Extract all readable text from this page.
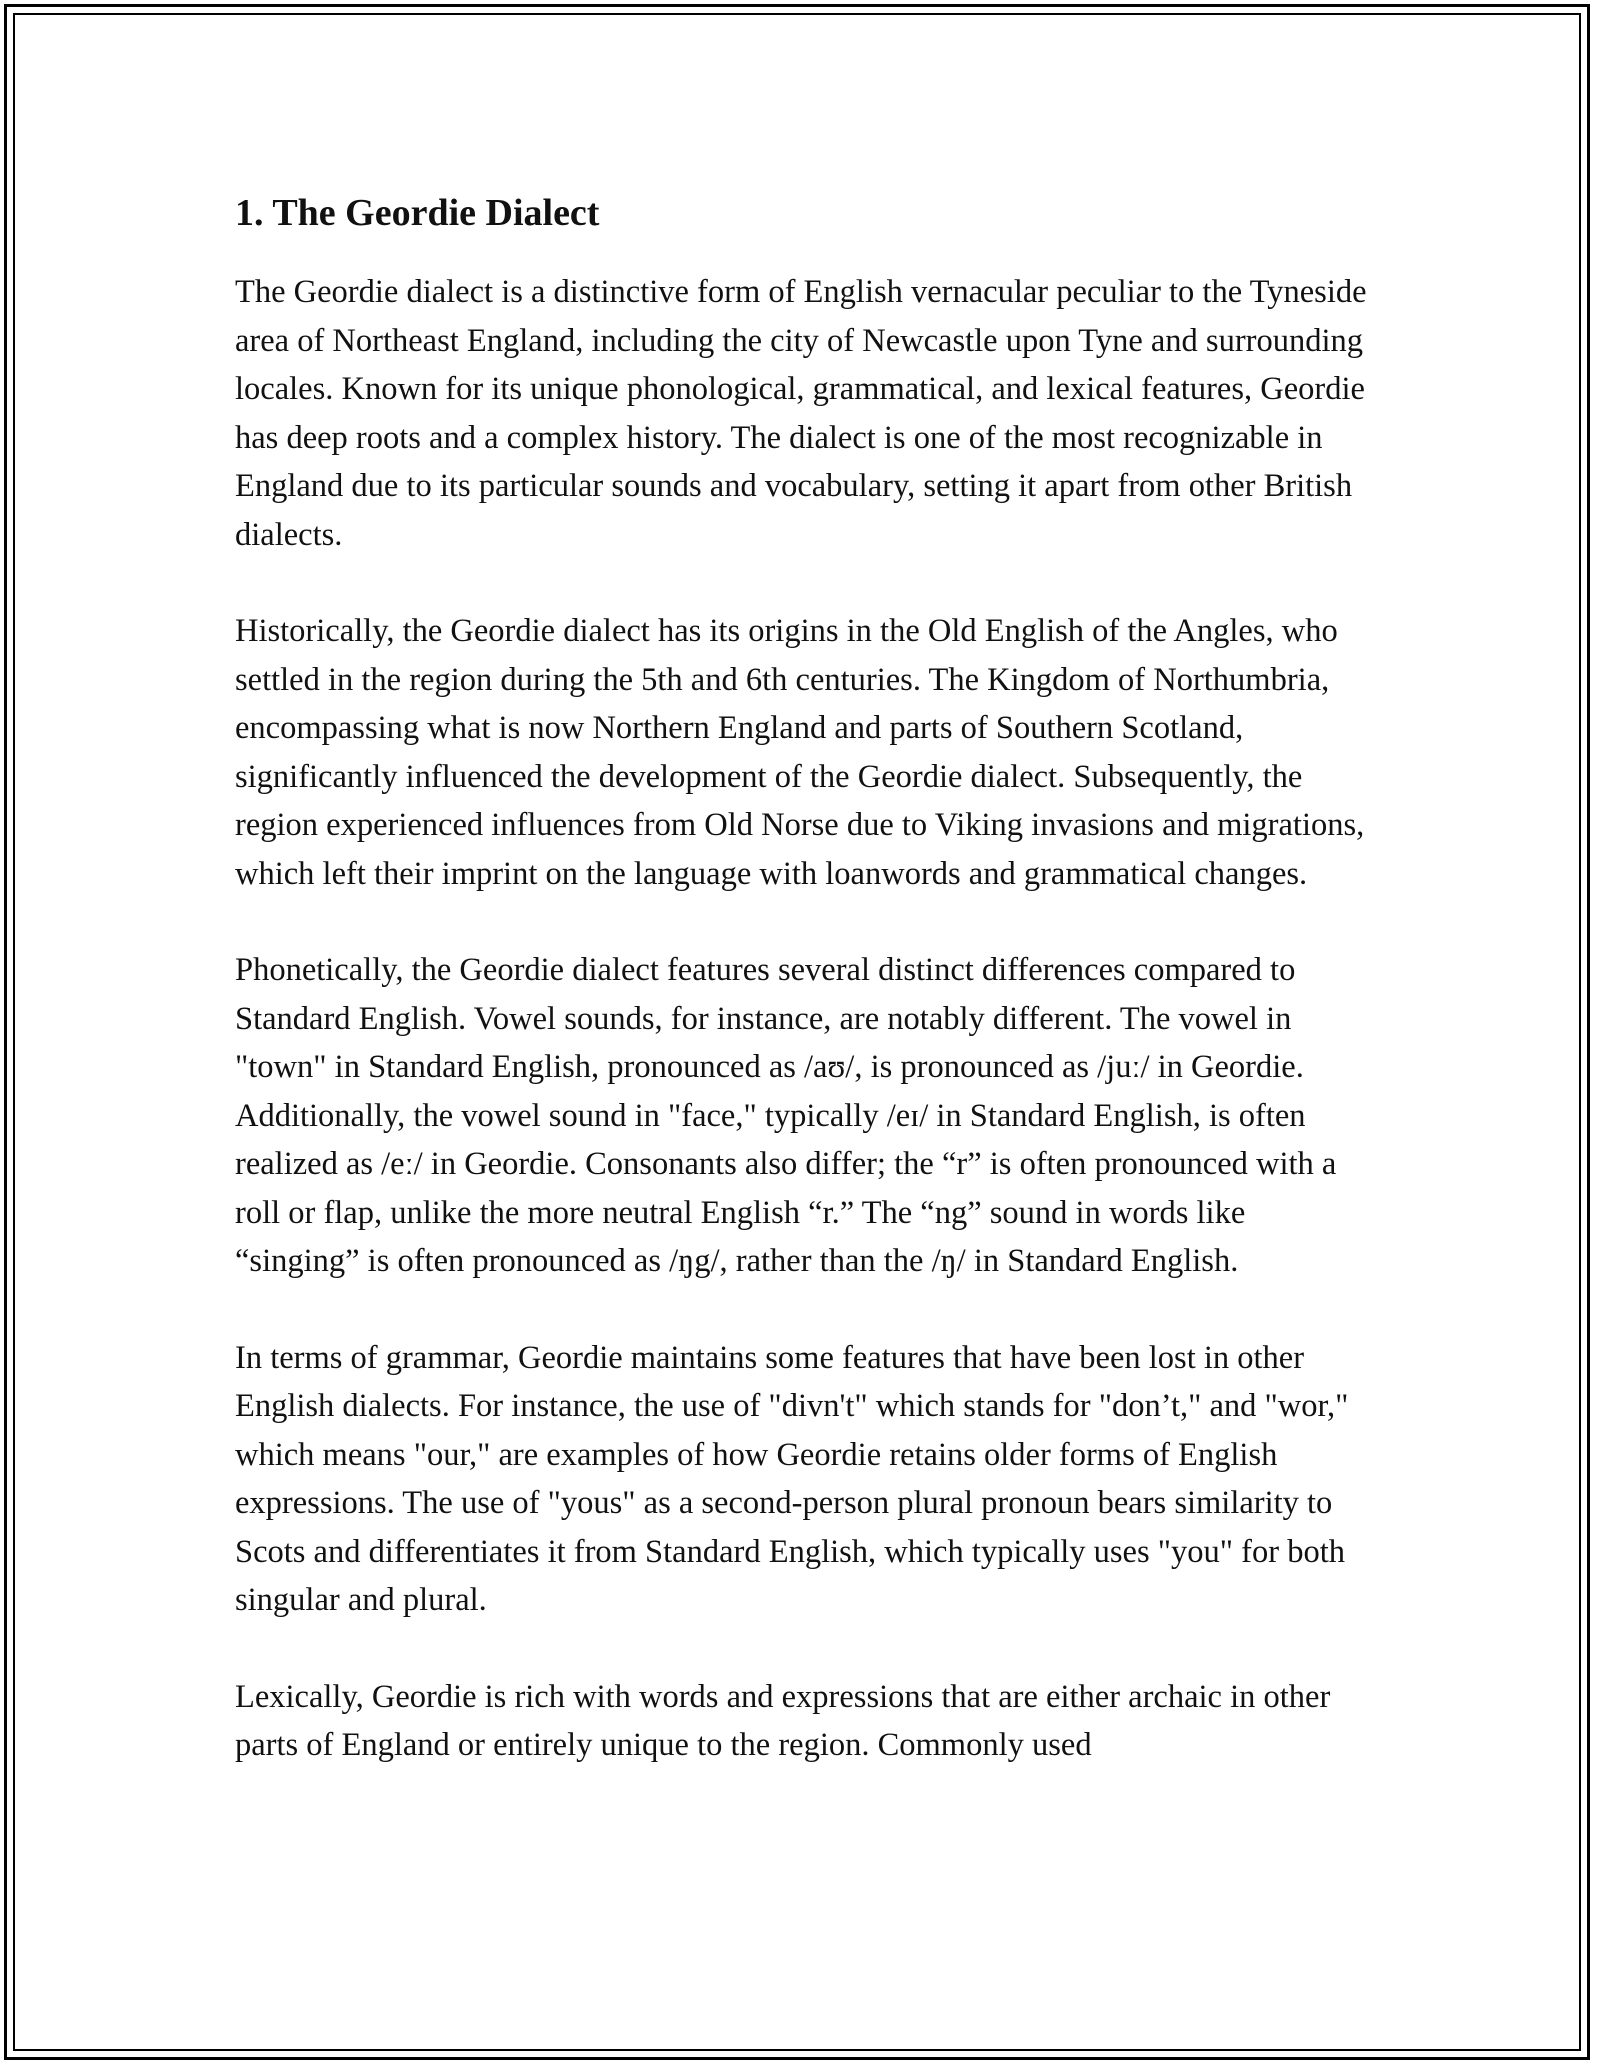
1. The Geordie Dialect

The Geordie dialect is a distinctive form of English vernacular peculiar to the Tyneside area of Northeast England, including the city of Newcastle upon Tyne and surrounding locales. Known for its unique phonological, grammatical, and lexical features, Geordie has deep roots and a complex history. The dialect is one of the most recognizable in England due to its particular sounds and vocabulary, setting it apart from other British dialects.

Historically, the Geordie dialect has its origins in the Old English of the Angles, who settled in the region during the 5th and 6th centuries. The Kingdom of Northumbria, encompassing what is now Northern England and parts of Southern Scotland, significantly influenced the development of the Geordie dialect. Subsequently, the region experienced influences from Old Norse due to Viking invasions and migrations, which left their imprint on the language with loanwords and grammatical changes.

Phonetically, the Geordie dialect features several distinct differences compared to Standard English. Vowel sounds, for instance, are notably different. The vowel in "town" in Standard English, pronounced as /aʊ/, is pronounced as /juː/ in Geordie. Additionally, the vowel sound in "face," typically /eɪ/ in Standard English, is often realized as /eː/ in Geordie. Consonants also differ; the “r” is often pronounced with a roll or flap, unlike the more neutral English “r.” The “ng” sound in words like “singing” is often pronounced as /ŋg/, rather than the /ŋ/ in Standard English.

In terms of grammar, Geordie maintains some features that have been lost in other English dialects. For instance, the use of "divn't" which stands for "don’t," and "wor," which means "our," are examples of how Geordie retains older forms of English expressions. The use of "yous" as a second-person plural pronoun bears similarity to Scots and differentiates it from Standard English, which typically uses "you" for both singular and plural.

Lexically, Geordie is rich with words and expressions that are either archaic in other parts of England or entirely unique to the region. Commonly used
